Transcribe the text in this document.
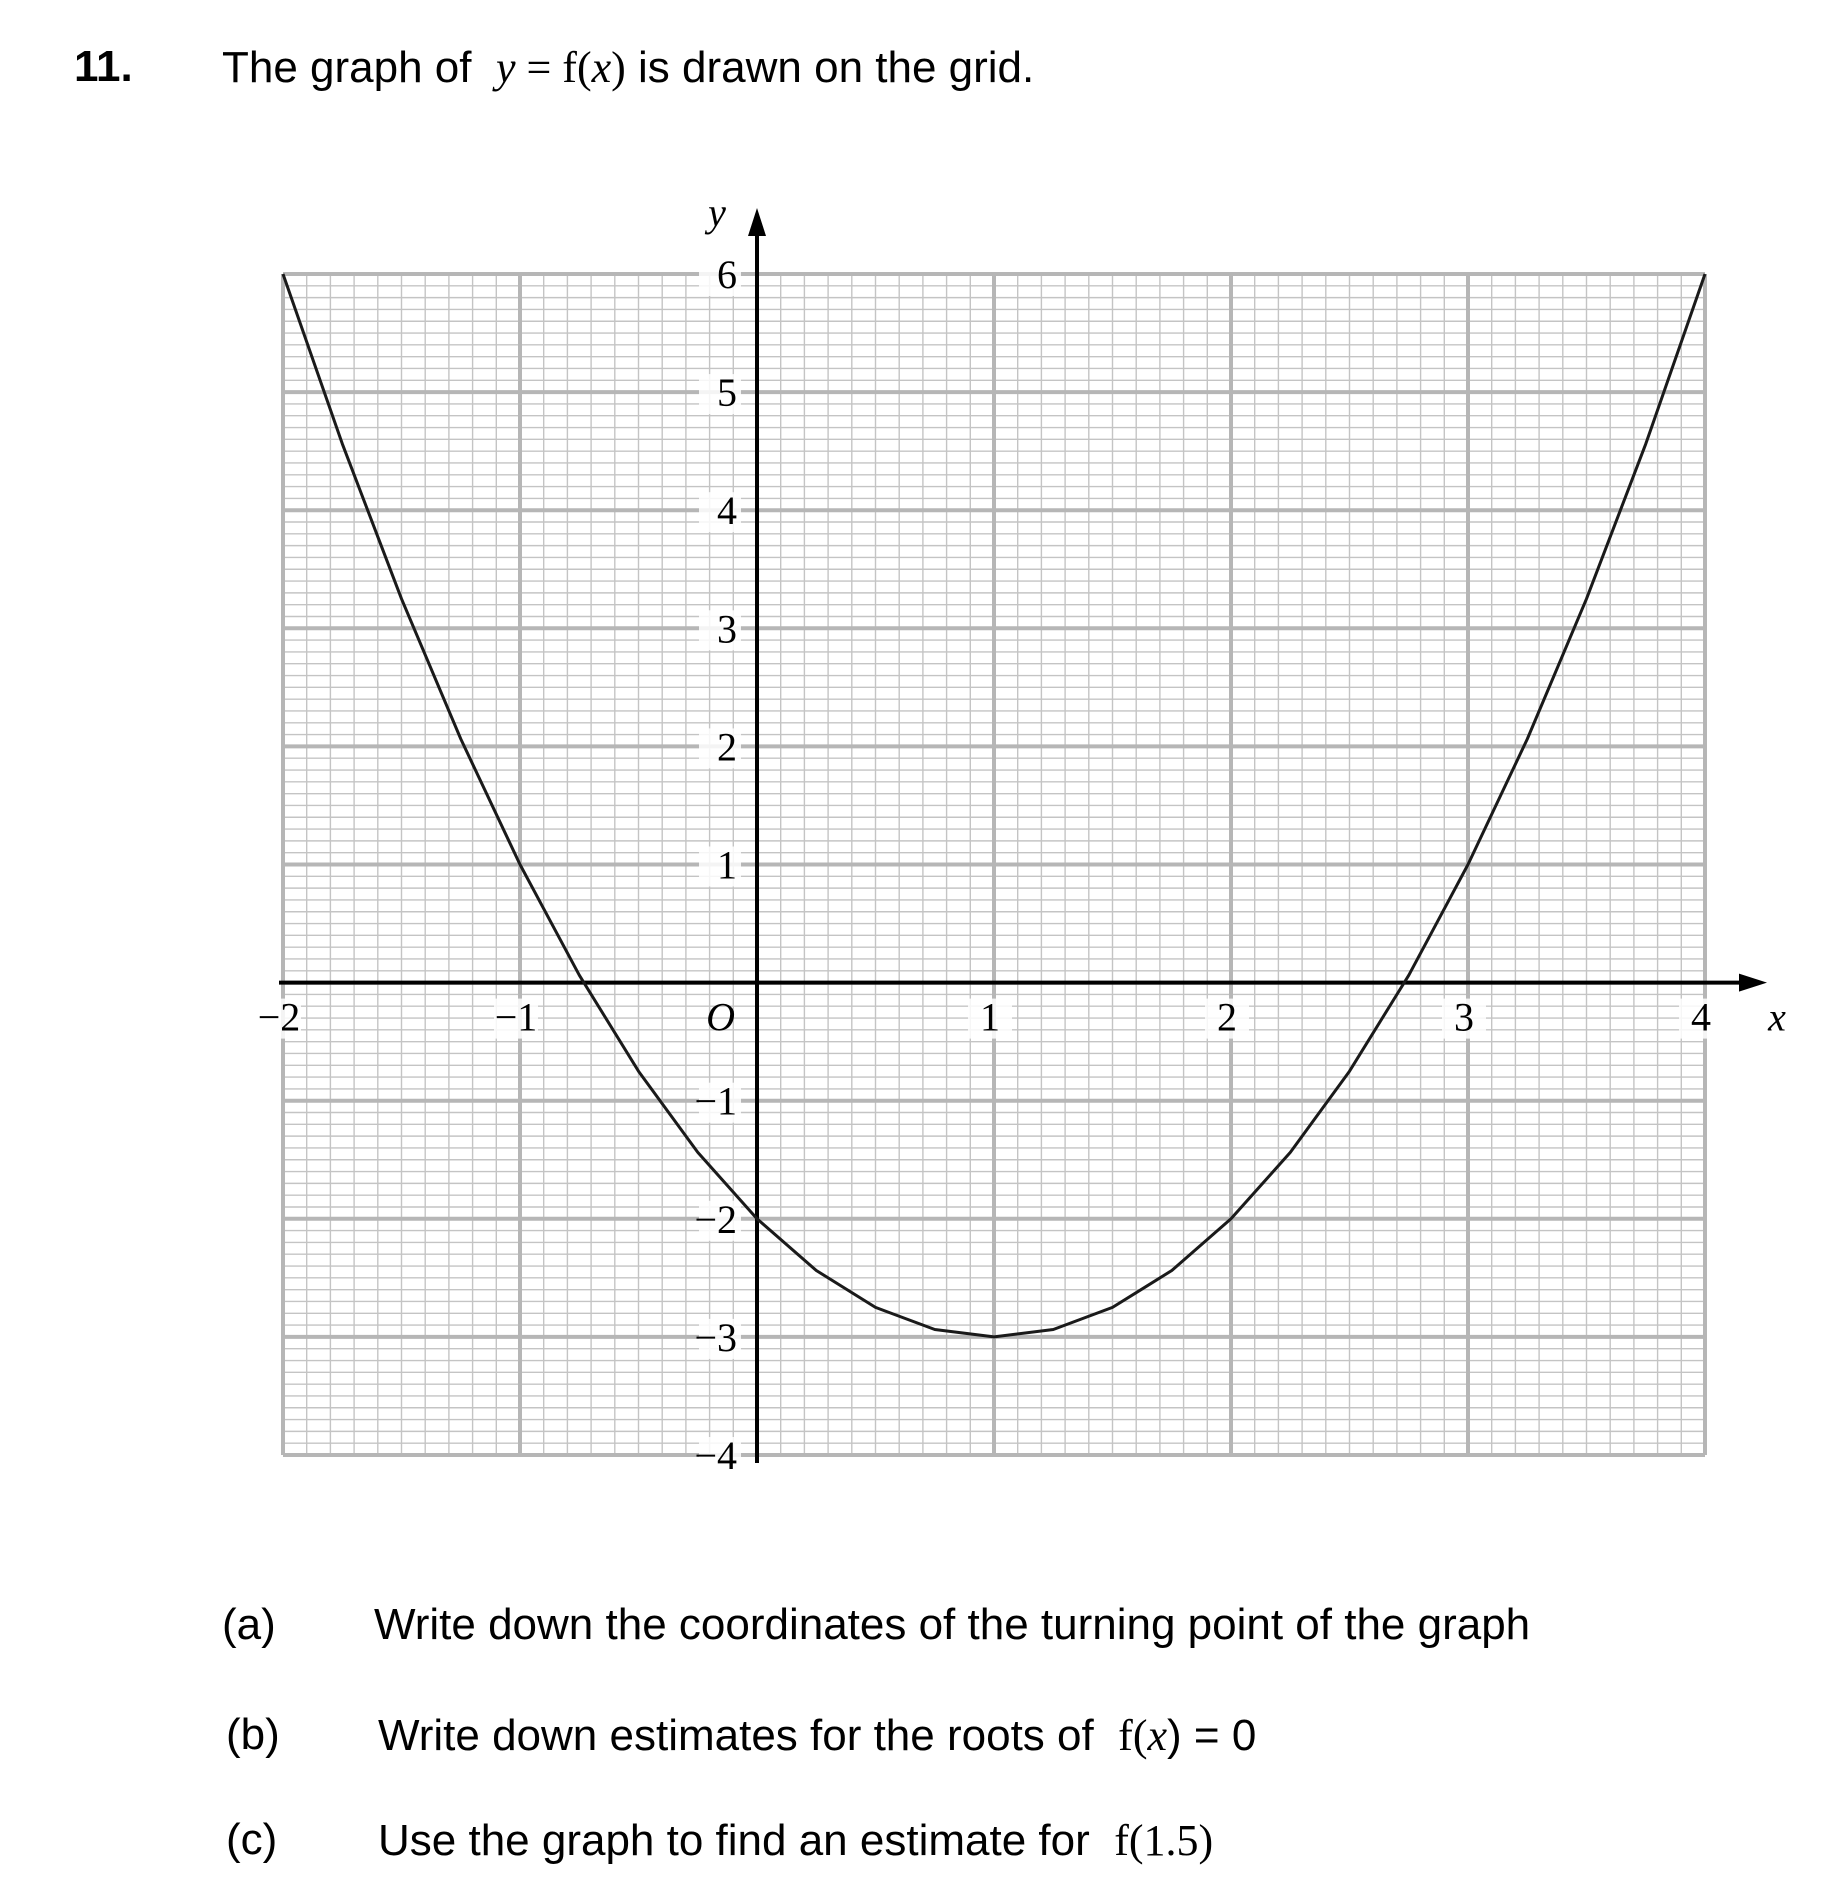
11. The graph of y = f(x) is drawn on the grid.
−2	−1	1	2	3	4
6
5
4
3
2
1
−1
−2
−3
−4
O	x
y
(a) Write down the coordinates of the turning point of the graph
(b) Write down estimates for the roots of f(x) = 0
(c) Use the graph to find an estimate for f(1.5)
